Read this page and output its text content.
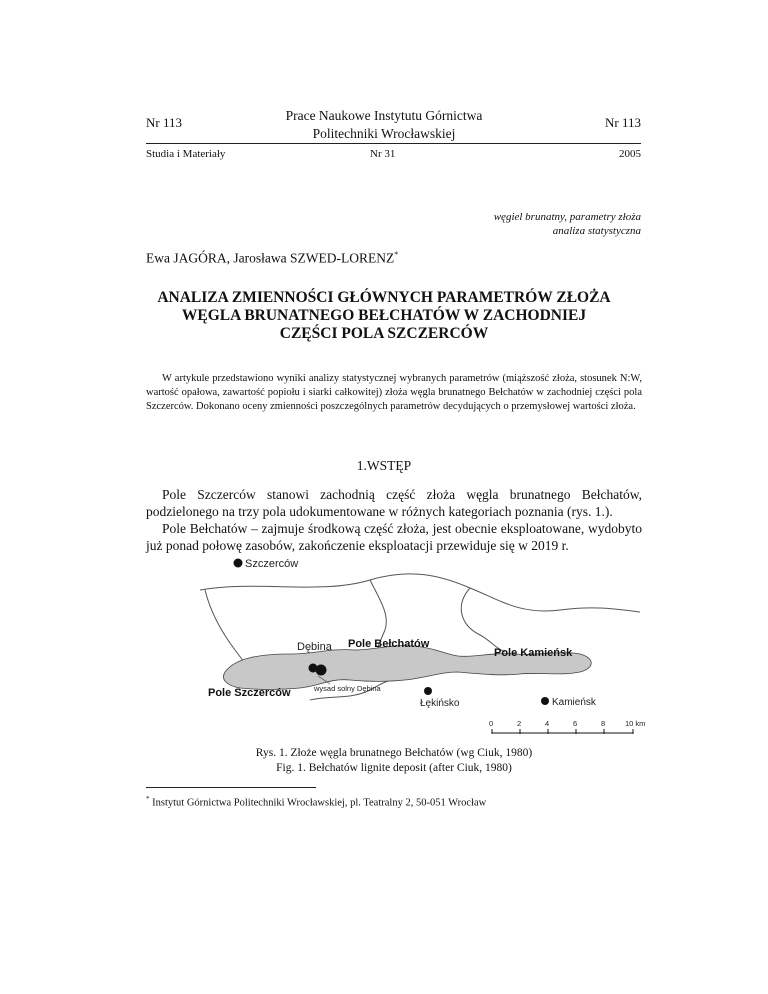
Nr 113	Prace Naukowe Instytutu Górnictwa
Politechniki Wrocławskiej
Nr 113
Studia i Materiały	Nr 31	2005
węgiel brunatny, parametry złoża
analiza statystyczna
Ewa JAGÓRA, Jarosława SZWED-LORENZ*
ANALIZA ZMIENNOŚCI GŁÓWNYCH PARAMETRÓW ZŁOŻA
WĘGLA BRUNATNEGO BEŁCHATÓW W ZACHODNIEJ
CZĘŚCI POLA SZCZERCÓW
W artykule przedstawiono wyniki analizy statystycznej wybranych parametrów (miąższość złoża, stosunek N:W, wartość opałowa, zawartość popiołu i siarki całkowitej) złoża węgla brunatnego Bełchatów w zachodniej części pola Szczerców. Dokonano oceny zmienności poszczególnych parametrów decydujących o przemysłowej wartości złoża.
1.WSTĘP
Pole Szczerców stanowi zachodnią część złoża węgla brunatnego Bełchatów, podzielonego na trzy pola udokumentowane w różnych kategoriach poznania (rys. 1.).
Pole Bełchatów – zajmuje środkową część złoża, jest obecnie eksploatowane, wydobyto już ponad połowę zasobów, zakończenie eksploatacji przewiduje się w 2019 r.
Szczerców
Dębina Pole Bełchatów
Pole Kamieńsk
Pole Szczerców	wysad solny Dębina
Łękińsko	Kamieńsk
0	2	4	6	8	10 km
Rys. 1. Złoże węgla brunatnego Bełchatów (wg Ciuk, 1980)
Fig. 1. Bełchatów lignite deposit (after Ciuk, 1980)
* Instytut Górnictwa Politechniki Wrocławskiej, pl. Teatralny 2, 50-051 Wrocław
